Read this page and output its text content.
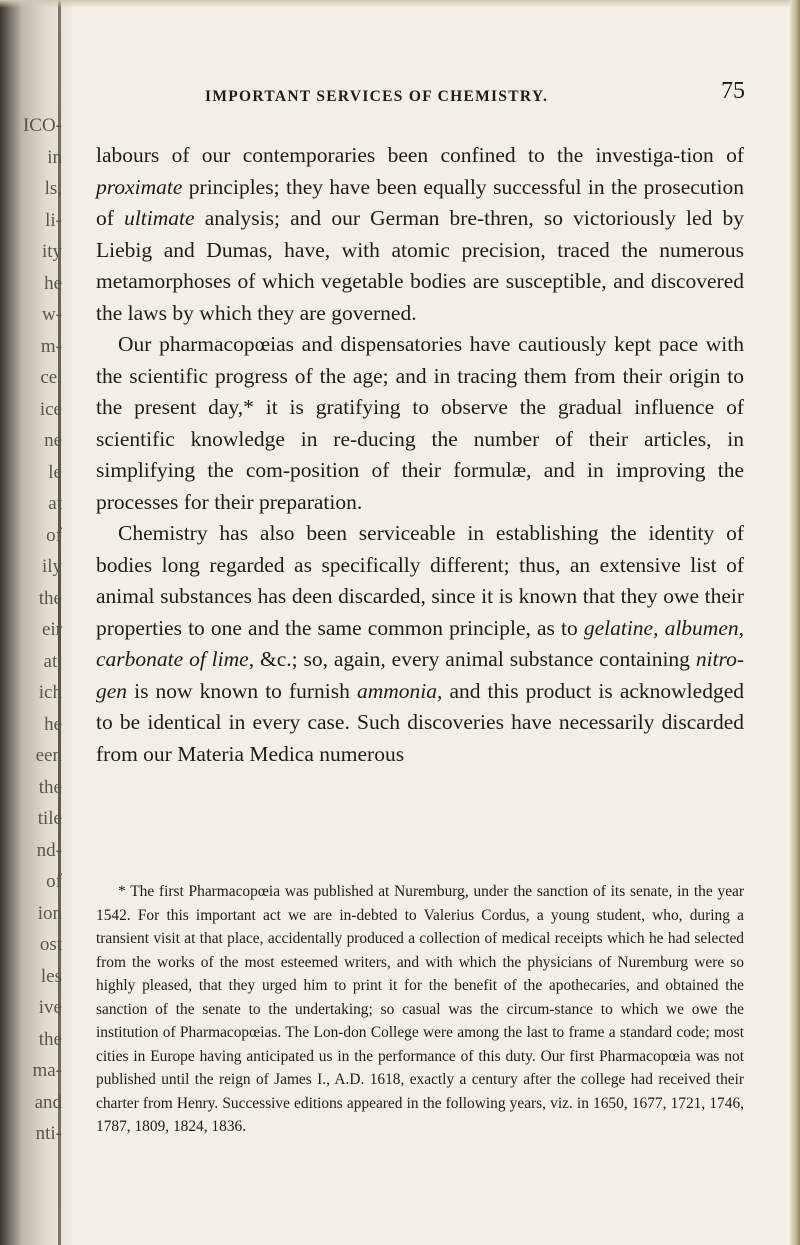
ICO-
in
ls,
li-
ity
he
w-
m-
ce,
ice
ne
le
at
of
ily
the
eir
at,
ich
he
een
the
tile
nd-
of
ion
ost
les
ive
the
ma-
and
nti-
IMPORTANT SERVICES OF CHEMISTRY.	75

labours of our contemporaries been confined to the investiga-tion of proximate principles; they have been equally successful in the prosecution of ultimate analysis; and our German bre-thren, so victoriously led by Liebig and Dumas, have, with atomic precision, traced the numerous metamorphoses of which vegetable bodies are susceptible, and discovered the laws by which they are governed.

Our pharmacopœias and dispensatories have cautiously kept pace with the scientific progress of the age; and in tracing them from their origin to the present day,* it is gratifying to observe the gradual influence of scientific knowledge in re-ducing the number of their articles, in simplifying the com-position of their formulæ, and in improving the processes for their preparation.

Chemistry has also been serviceable in establishing the identity of bodies long regarded as specifically different; thus, an extensive list of animal substances has deen discarded, since it is known that they owe their properties to one and the same common principle, as to gelatine, albumen, carbonate of lime, &c.; so, again, every animal substance containing nitro-gen is now known to furnish ammonia, and this product is acknowledged to be identical in every case. Such discoveries have necessarily discarded from our Materia Medica numerous

* The first Pharmacopœia was published at Nuremburg, under the sanction of its senate, in the year 1542. For this important act we are in-debted to Valerius Cordus, a young student, who, during a transient visit at that place, accidentally produced a collection of medical receipts which he had selected from the works of the most esteemed writers, and with which the physicians of Nuremburg were so highly pleased, that they urged him to print it for the benefit of the apothecaries, and obtained the sanction of the senate to the undertaking; so casual was the circum-stance to which we owe the institution of Pharmacopœias. The Lon-don College were among the last to frame a standard code; most cities in Europe having anticipated us in the performance of this duty. Our first Pharmacopœia was not published until the reign of James I., A.D. 1618, exactly a century after the college had received their charter from Henry. Successive editions appeared in the following years, viz. in 1650, 1677, 1721, 1746, 1787, 1809, 1824, 1836.
